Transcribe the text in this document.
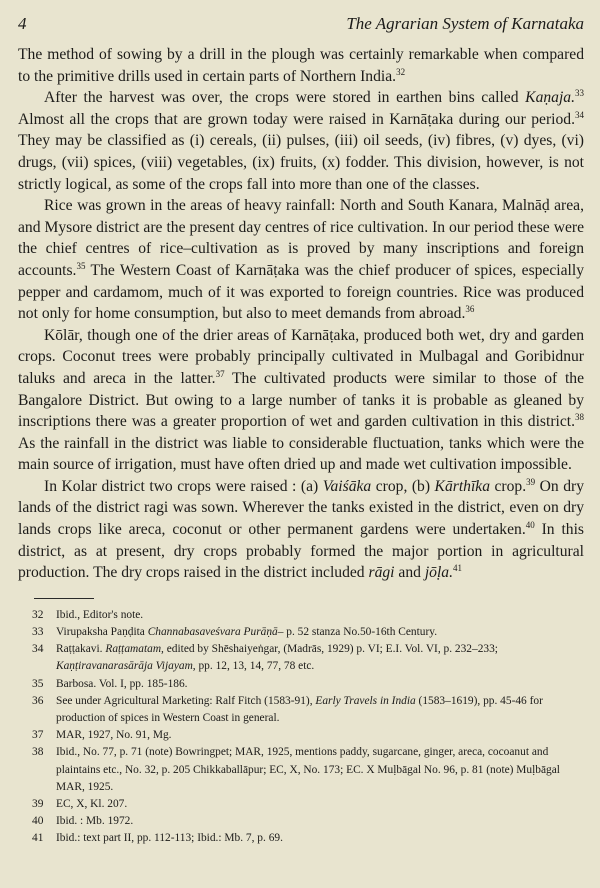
4	The Agrarian System of Karnataka

The method of sowing by a drill in the plough was certainly remarkable when compared to the primitive drills used in certain parts of Northern India.$^{32}$

After the harvest was over, the crops were stored in earthen bins called Kaṇaja.$^{33}$ Almost all the crops that are grown today were raised in Karnāṭaka during our period.$^{34}$ They may be classified as (i) cereals, (ii) pulses, (iii) oil seeds, (iv) fibres, (v) dyes, (vi) drugs, (vii) spices, (viii) vegetables, (ix) fruits, (x) fodder. This division, however, is not strictly logical, as some of the crops fall into more than one of the classes.

Rice was grown in the areas of heavy rainfall: North and South Kanara, Malnāḍ area, and Mysore district are the present day centres of rice cultivation. In our period these were the chief centres of rice–cultivation as is proved by many inscriptions and foreign accounts.$^{35}$ The Western Coast of Karnāṭaka was the chief producer of spices, especially pepper and cardamom, much of it was exported to foreign countries. Rice was produced not only for home consumption, but also to meet demands from abroad.$^{36}$

Kōlār, though one of the drier areas of Karnāṭaka, produced both wet, dry and garden crops. Coconut trees were probably principally cultivated in Mulbagal and Goribidnur taluks and areca in the latter.$^{37}$ The cultivated products were similar to those of the Bangalore District. But owing to a large number of tanks it is probable as gleaned by inscriptions there was a greater proportion of wet and garden cultivation in this district.$^{38}$ As the rainfall in the district was liable to considerable fluctuation, tanks which were the main source of irrigation, must have often dried up and made wet cultivation impossible.

In Kolar district two crops were raised : (a) Vaiśāka crop, (b) Kārthīka crop.$^{39}$ On dry lands of the district ragi was sown. Wherever the tanks existed in the district, even on dry lands crops like areca, coconut or other permanent gardens were undertaken.$^{40}$ In this district, as at present, dry crops probably formed the major portion in agricultural production. The dry crops raised in the district included rāgi and jōḷa.$^{41}$

32	Ibid., Editor's note.
33	Virupaksha Paṇḍita Channabasaveśvara Purāṇā– p. 52 stanza No.50-16th Century.
34	Raṭṭakavi. Raṭṭamatam, edited by Shēshaiyeṅgar, (Madrās, 1929) p. VI; E.I. Vol. VI, p. 232–233; Kaṇṭiravanarasārāja Vijayam, pp. 12, 13, 14, 77, 78 etc.
35	Barbosa. Vol. I, pp. 185-186.
36	See under Agricultural Marketing: Ralf Fitch (1583-91), Early Travels in India (1583–1619), pp. 45-46 for production of spices in Western Coast in general.
37	MAR, 1927, No. 91, Mg.
38	Ibid., No. 77, p. 71 (note) Bowringpet; MAR, 1925, mentions paddy, sugarcane, ginger, areca, cocoanut and plaintains etc., No. 32, p. 205 Chikkaballāpur; EC, X, No. 173; EC. X Muḷbāgal No. 96, p. 81 (note) Muḷbāgal MAR, 1925.
39	EC, X, Kl. 207.
40	Ibid. : Mb. 1972.
41	Ibid.: text part II, pp. 112-113; Ibid.: Mb. 7, p. 69.
